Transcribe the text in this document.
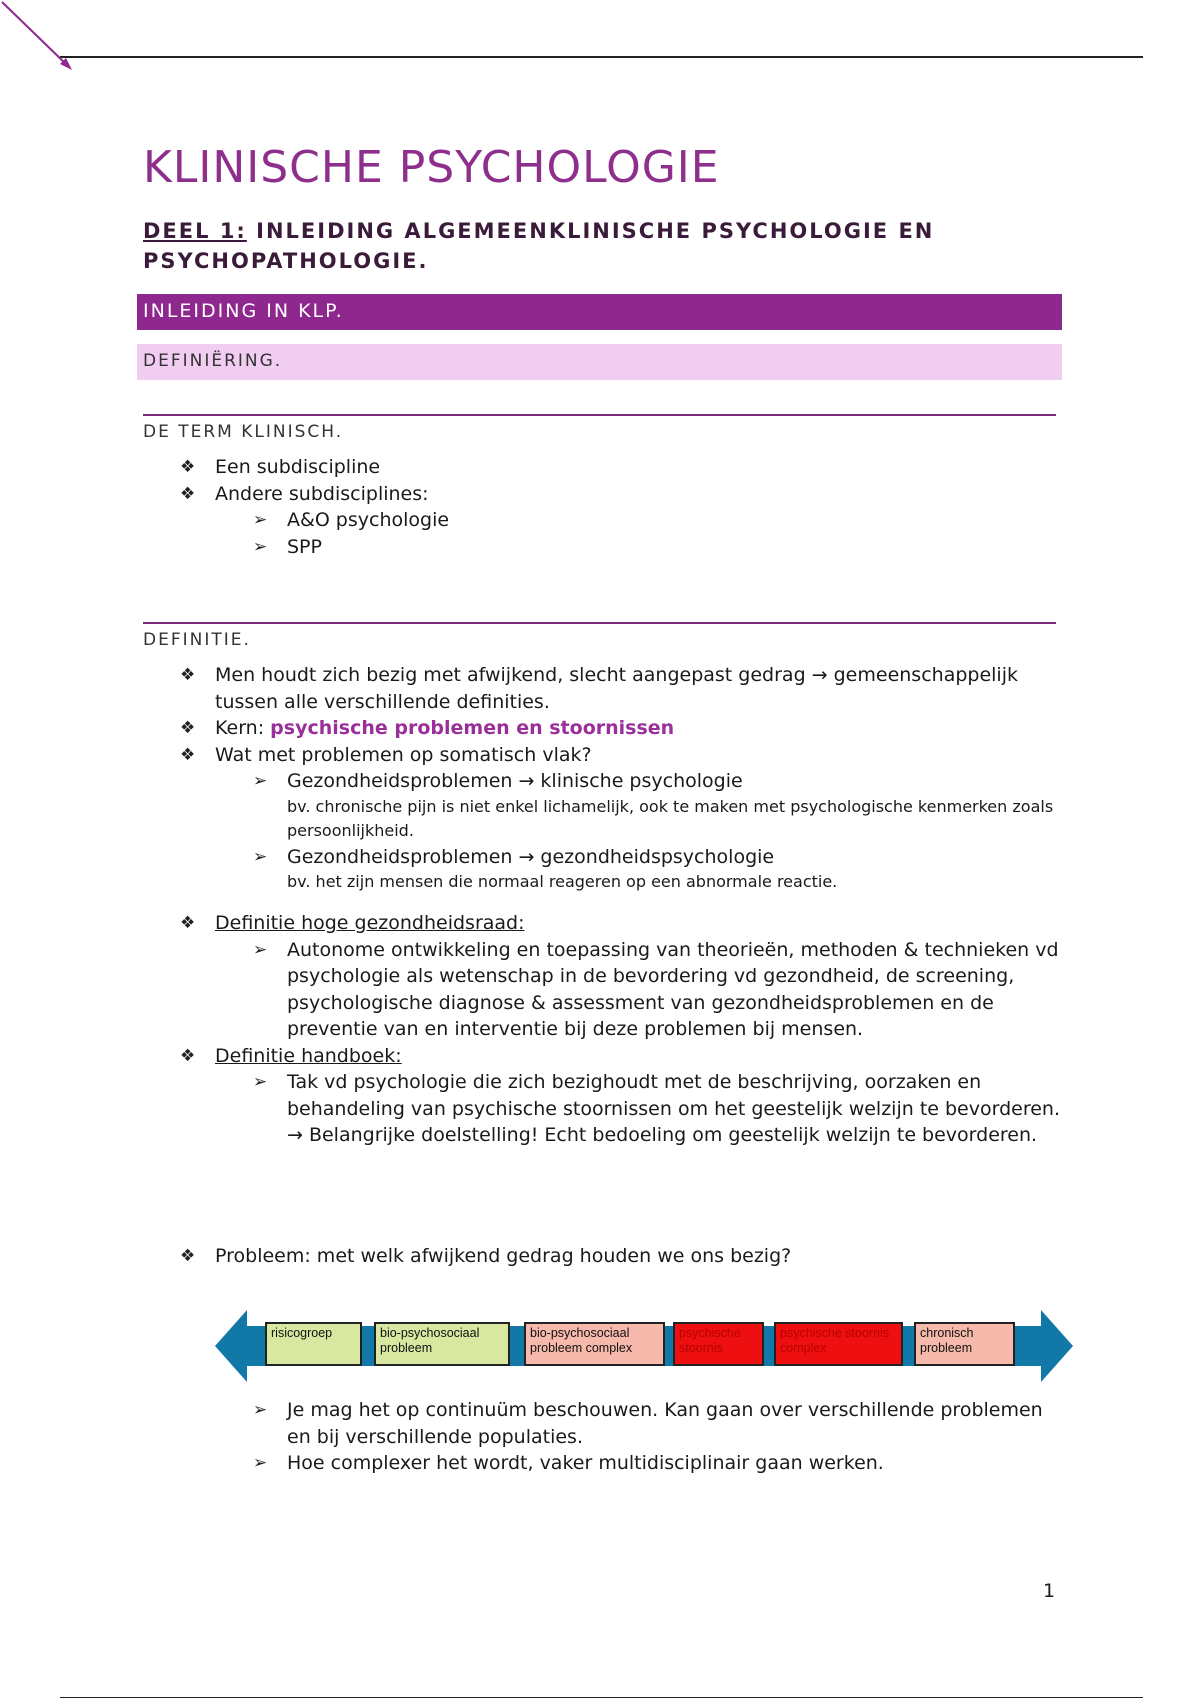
KLINISCHE PSYCHOLOGIE
DEEL 1: INLEIDING ALGEMEENKLINISCHE PSYCHOLOGIE EN PSYCHOPATHOLOGIE.
INLEIDING IN KLP.
DEFINIËRING.
DE TERM KLINISCH.
❖ Een subdiscipline
❖ Andere subdisciplines:
➢ A&O psychologie
➢ SPP
DEFINITIE.
❖ Men houdt zich bezig met afwijkend, slecht aangepast gedrag → gemeenschappelijk tussen alle verschillende definities.
❖ Kern: psychische problemen en stoornissen
❖ Wat met problemen op somatisch vlak?
➢ Gezondheidsproblemen → klinische psychologie
bv. chronische pijn is niet enkel lichamelijk, ook te maken met psychologische kenmerken zoals persoonlijkheid.
➢ Gezondheidsproblemen → gezondheidspsychologie
bv. het zijn mensen die normaal reageren op een abnormale reactie.
❖ Definitie hoge gezondheidsraad:
➢ Autonome ontwikkeling en toepassing van theorieën, methoden & technieken vd psychologie als wetenschap in de bevordering vd gezondheid, de screening, psychologische diagnose & assessment van gezondheidsproblemen en de preventie van en interventie bij deze problemen bij mensen.
❖ Definitie handboek:
➢ Tak vd psychologie die zich bezighoudt met de beschrijving, oorzaken en behandeling van psychische stoornissen om het geestelijk welzijn te bevorderen.
→ Belangrijke doelstelling! Echt bedoeling om geestelijk welzijn te bevorderen.
❖ Probleem: met welk afwijkend gedrag houden we ons bezig?
risicogroep	bio-psychosociaal probleem
bio-psychosociaal probleem complex
psychische stoornis
psychische stoornis complex
chronisch probleem
➢ Je mag het op continuüm beschouwen. Kan gaan over verschillende problemen en bij verschillende populaties.
➢ Hoe complexer het wordt, vaker multidisciplinair gaan werken.
1
